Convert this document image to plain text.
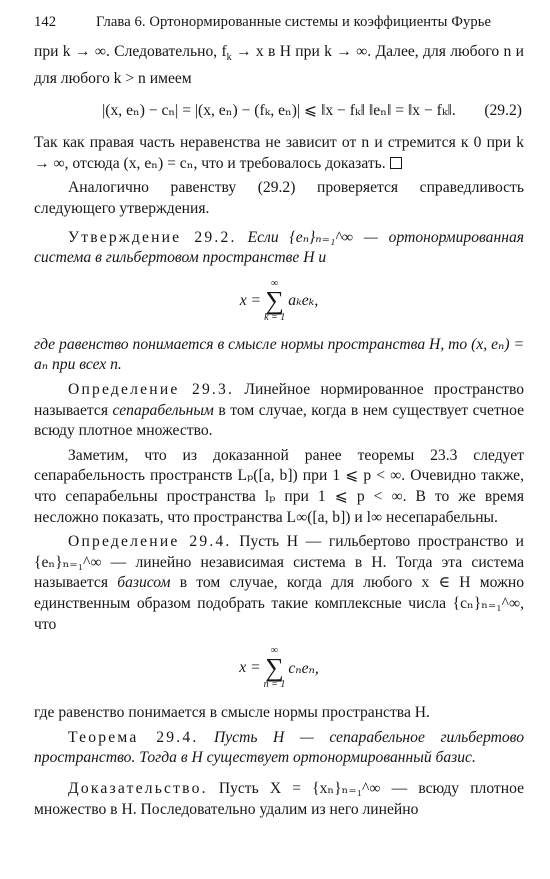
142	Глава 6. Ортонормированные системы и коэффициенты Фурье

при k → ∞. Следовательно, $f_k \to x$ в H при k → ∞. Далее, для любого n и для любого k > n имеем

|(x, eₙ) − cₙ| = |(x, eₙ) − (fₖ, eₙ)| ⩽ ‖x − fₖ‖ ‖eₙ‖ = ‖x − fₖ‖. (29.2)

Так как правая часть неравенства не зависит от n и стремится к 0 при k → ∞, отсюда (x, eₙ) = cₙ, что и требовалось доказать.

Аналогично равенству (29.2) проверяется справедливость следующего утверждения.

Утверждение 29.2. Если {eₙ}ₙ₌₁^∞ — ортонормированная система в гильбертовом пространстве H и

x =
∞
∑
k = 1
aₖeₖ,

где равенство понимается в смысле нормы пространства H, то (x, eₙ) = aₙ при всех n.

Определение 29.3. Линейное нормированное пространство называется сепарабельным в том случае, когда в нем существует счетное всюду плотное множество.

Заметим, что из доказанной ранее теоремы 23.3 следует сепарабельность пространств Lₚ([a, b]) при 1 ⩽ p < ∞. Очевидно также, что сепарабельны пространства lₚ при 1 ⩽ p < ∞. В то же время несложно показать, что пространства L∞([a, b]) и l∞ несепарабельны.

Определение 29.4. Пусть H — гильбертово пространство и {eₙ}ₙ₌₁^∞ — линейно независимая система в H. Тогда эта система называется базисом в том случае, когда для любого x ∈ H можно единственным образом подобрать такие комплексные числа {cₙ}ₙ₌₁^∞, что

x =
∞
∑
n = 1
cₙeₙ,

где равенство понимается в смысле нормы пространства H.

Теорема 29.4. Пусть H — сепарабельное гильбертово пространство. Тогда в H существует ортонормированный базис.

Доказательство. Пусть X = {xₙ}ₙ₌₁^∞ — всюду плотное множество в H. Последовательно удалим из него линейно
